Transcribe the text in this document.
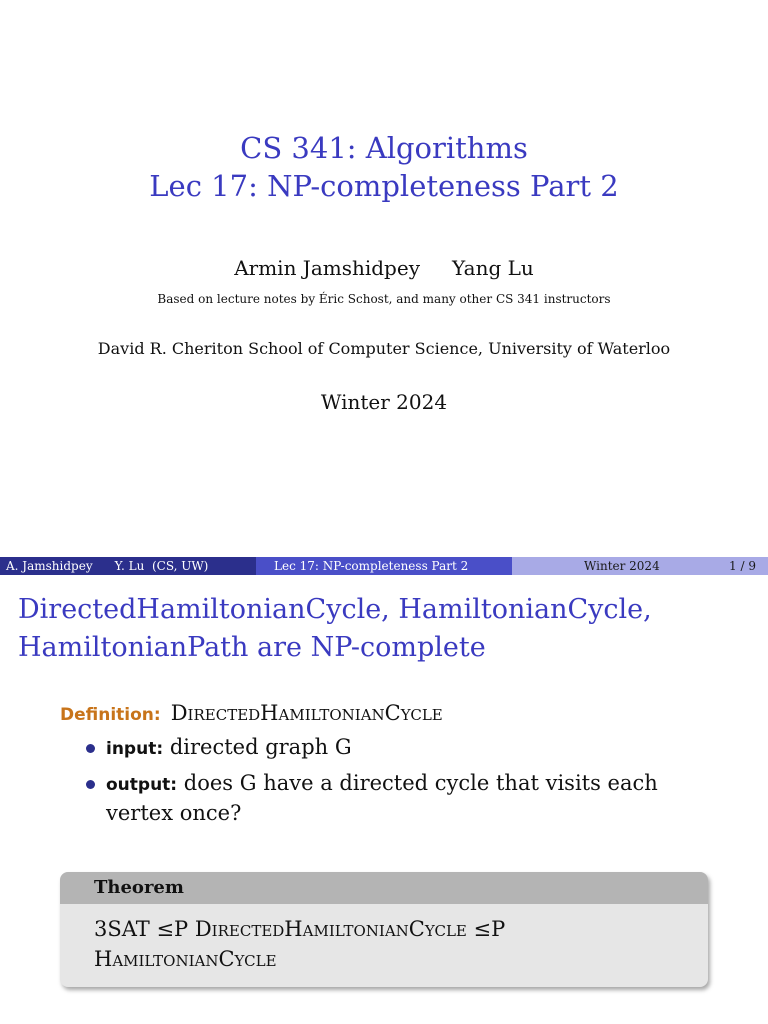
CS 341: Algorithms
Lec 17: NP-completeness Part 2
Armin Jamshidpey Yang Lu
Based on lecture notes by Éric Schost, and many other CS 341 instructors
David R. Cheriton School of Computer Science, University of Waterloo
Winter 2024
A. Jamshidpey Y. Lu (CS, UW)	Lec 17: NP-completeness Part 2	Winter 2024	1 / 9
DirectedHamiltonianCycle, HamiltonianCycle, HamiltonianPath are NP-complete
Definition: DirectedHamiltonianCycle
input: directed graph G
output: does G have a directed cycle that visits each vertex once?
Theorem
3SAT ≤P DirectedHamiltonianCycle ≤P HamiltonianCycle
